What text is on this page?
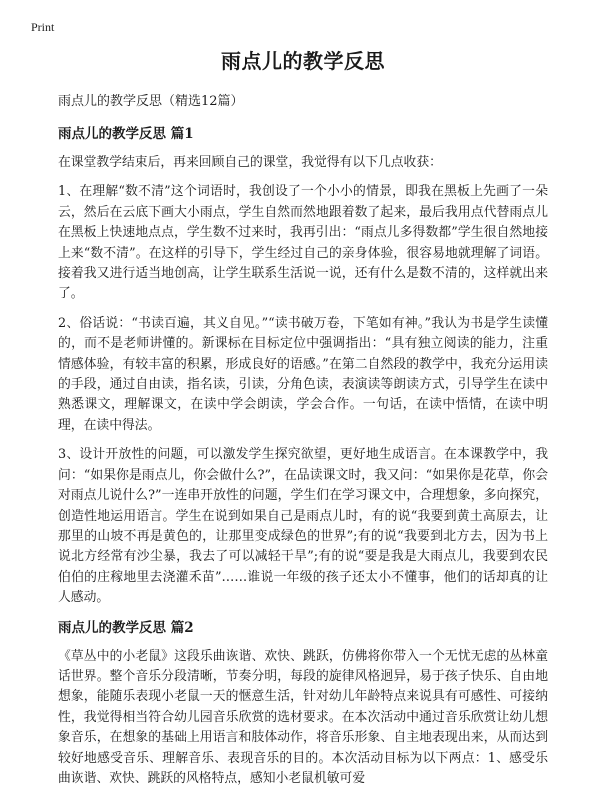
Print
雨点儿的教学反思

雨点儿的教学反思（精选12篇）

雨点儿的教学反思 篇1

在课堂教学结束后，再来回顾自己的课堂，我觉得有以下几点收获：

1、在理解“数不清”这个词语时，我创设了一个小小的情景，即我在黑板上先画了一朵云，然后在云底下画大小雨点，学生自然而然地跟着数了起来，最后我用点代替雨点儿在黑板上快速地点点，学生数不过来时，我再引出：“雨点儿多得数都”学生很自然地接上来“数不清”。在这样的引导下，学生经过自己的亲身体验，很容易地就理解了词语。接着我又进行适当地创高，让学生联系生活说一说，还有什么是数不清的，这样就出来了。

2、俗话说：“书读百遍，其义自见。”“读书破万卷，下笔如有神。”我认为书是学生读懂的，而不是老师讲懂的。新课标在目标定位中强调指出：“具有独立阅读的能力，注重情感体验，有较丰富的积累，形成良好的语感。”在第二自然段的教学中，我充分运用读的手段，通过自由读，指名读，引读，分角色读，表演读等朗读方式，引导学生在读中熟悉课文，理解课文，在读中学会朗读，学会合作。一句话，在读中悟情，在读中明理，在读中得法。

3、设计开放性的问题，可以激发学生探究欲望，更好地生成语言。在本课教学中，我问：“如果你是雨点儿，你会做什么?”，在品读课文时，我又问：“如果你是花草，你会对雨点儿说什么?”一连串开放性的问题，学生们在学习课文中，合理想象，多向探究，创造性地运用语言。学生在说到如果自己是雨点儿时，有的说“我要到黄土高原去，让那里的山坡不再是黄色的，让那里变成绿色的世界”;有的说“我要到北方去，因为书上说北方经常有沙尘暴，我去了可以减轻干旱”;有的说“要是我是大雨点儿，我要到农民伯伯的庄稼地里去浇灌禾苗”……谁说一年级的孩子还太小不懂事，他们的话却真的让人感动。

雨点儿的教学反思 篇2

《草丛中的小老鼠》这段乐曲诙谐、欢快、跳跃，仿佛将你带入一个无忧无虑的丛林童话世界。整个音乐分段清晰，节奏分明，每段的旋律风格迥异，易于孩子快乐、自由地想象，能随乐表现小老鼠一天的惬意生活，针对幼儿年龄特点来说具有可感性、可接纳性，我觉得相当符合幼儿园音乐欣赏的选材要求。在本次活动中通过音乐欣赏让幼儿想象音乐，在想象的基础上用语言和肢体动作，将音乐形象、自主地表现出来，从而达到较好地感受音乐、理解音乐、表现音乐的目的。本次活动目标为以下两点：1、感受乐曲诙谐、欢快、跳跃的风格特点，感知小老鼠机敏可爱
